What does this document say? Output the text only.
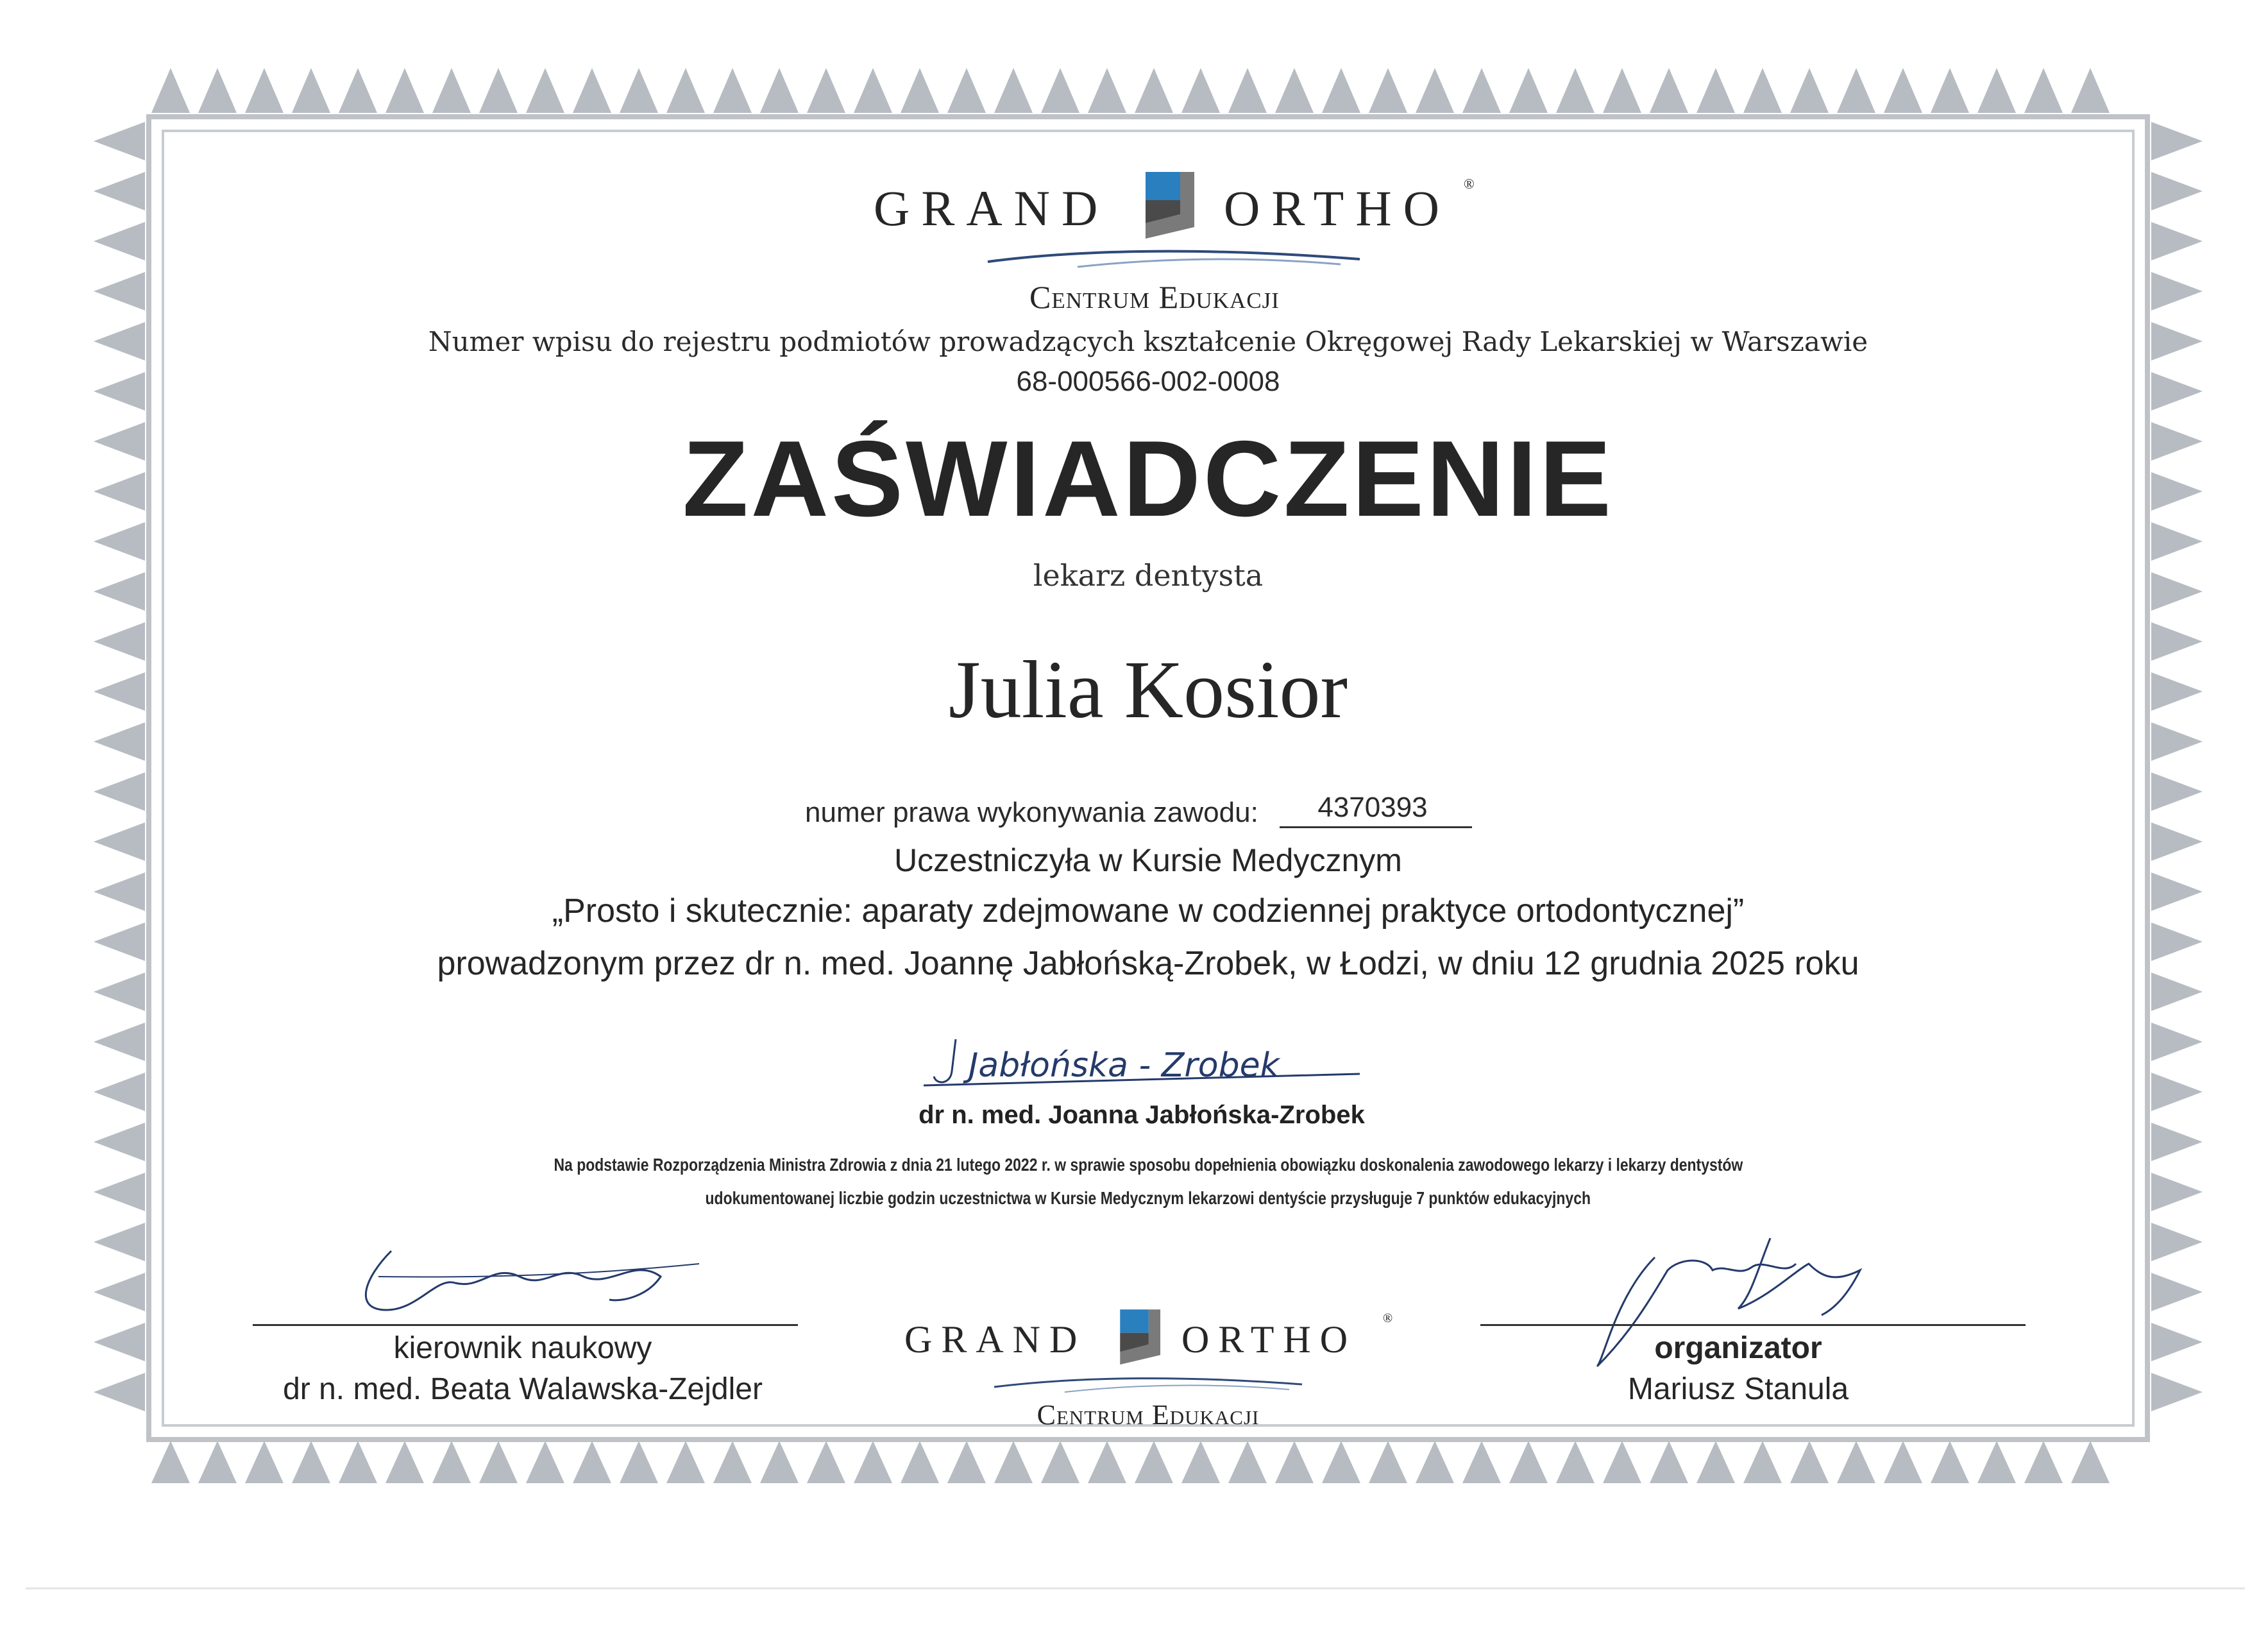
GRAND ORTHO ®
Centrum Edukacji
Numer wpisu do rejestru podmiotów prowadzących kształcenie Okręgowej Rady Lekarskiej w Warszawie
68-000566-002-0008
ZAŚWIADCZENIE
lekarz dentysta
Julia Kosior
numer prawa wykonywania zawodu:	4370393
Uczestniczyła w Kursie Medycznym
„Prosto i skutecznie: aparaty zdejmowane w codziennej praktyce ortodontycznej”
prowadzonym przez dr n. med. Joannę Jabłońską-Zrobek, w Łodzi, w dniu 12 grudnia 2025 roku
Jabłońska - Zrobek
dr n. med. Joanna Jabłońska-Zrobek
Na podstawie Rozporządzenia Ministra Zdrowia z dnia 21 lutego 2022 r. w sprawie sposobu dopełnienia obowiązku doskonalenia zawodowego lekarzy i lekarzy dentystów
udokumentowanej liczbie godzin uczestnictwa w Kursie Medycznym lekarzowi dentyście przysługuje 7 punktów edukacyjnych
kierownik naukowy
dr n. med. Beata Walawska-Zejdler
GRAND ORTHO ®
Centrum Edukacji
organizator
Mariusz Stanula
